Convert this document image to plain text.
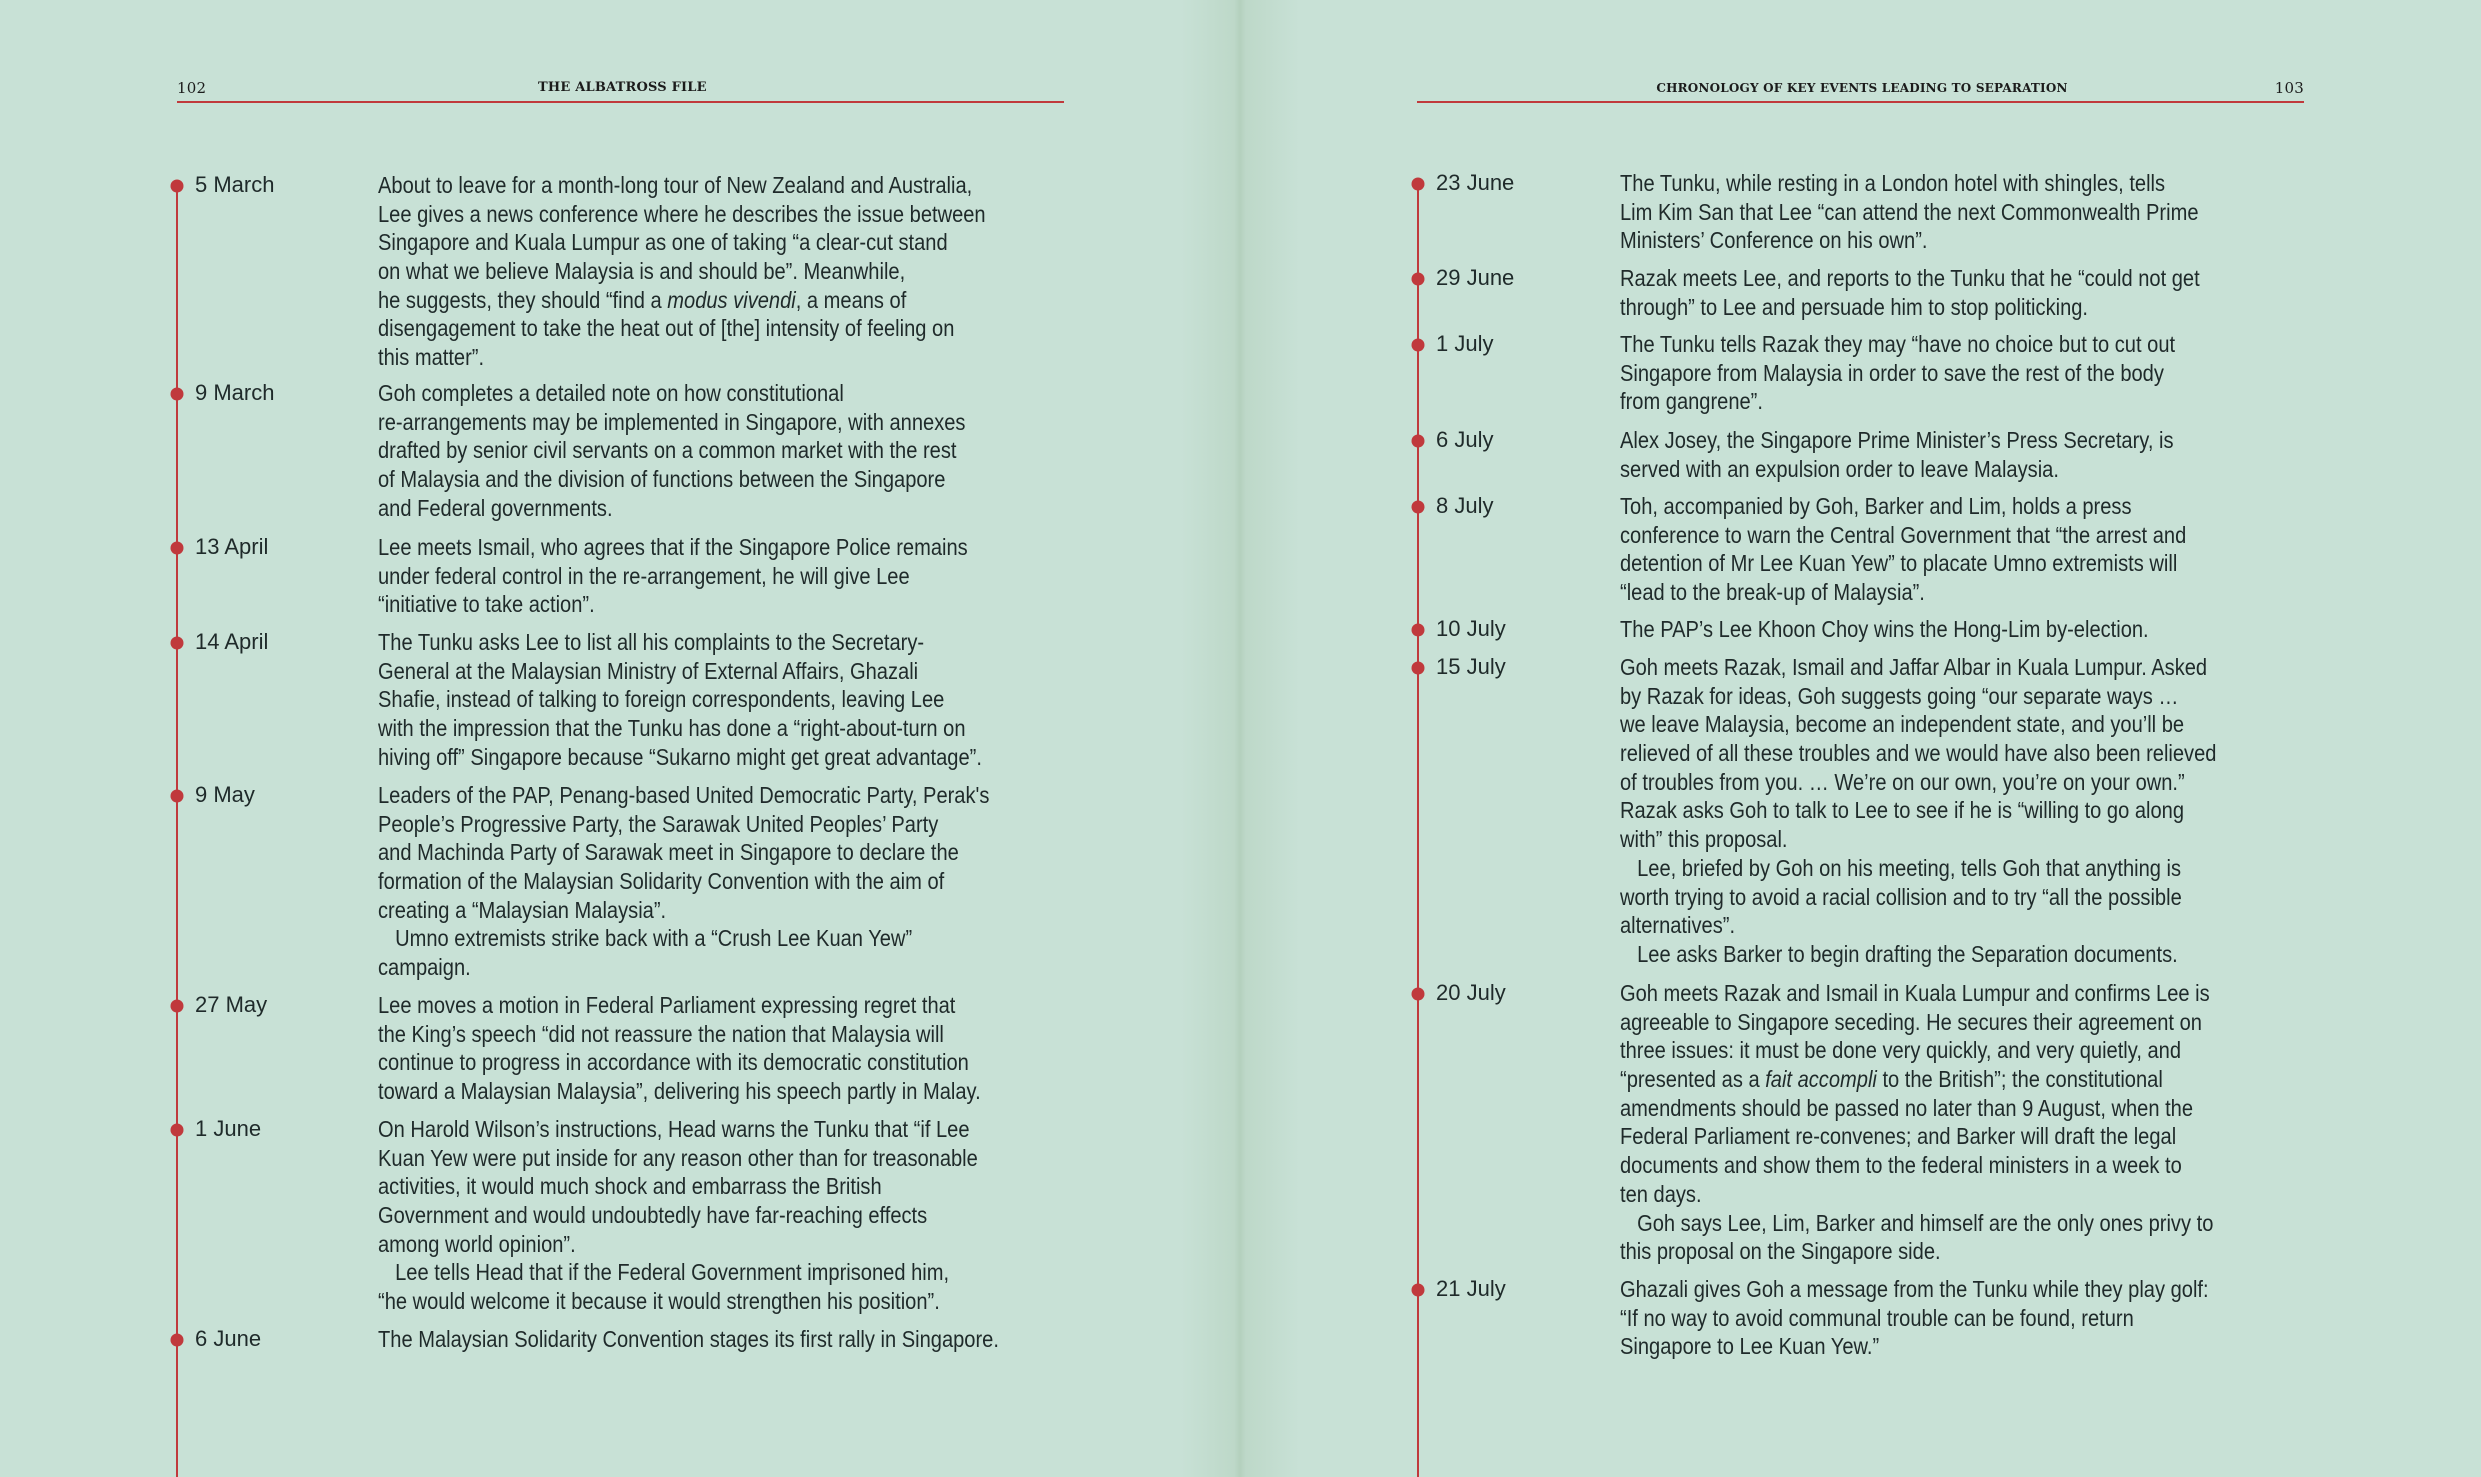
102	THE ALBATROSS FILE
5 March	About to leave for a month-long tour of New Zealand and Australia,
Lee gives a news conference where he describes the issue between
Singapore and Kuala Lumpur as one of taking “a clear-cut stand
on what we believe Malaysia is and should be”. Meanwhile,
he suggests, they should “find a modus vivendi, a means of
disengagement to take the heat out of [the] intensity of feeling on
this matter”.
9 March	Goh completes a detailed note on how constitutional
re-arrangements may be implemented in Singapore, with annexes
drafted by senior civil servants on a common market with the rest
of Malaysia and the division of functions between the Singapore
and Federal governments.
13 April	Lee meets Ismail, who agrees that if the Singapore Police remains
under federal control in the re-arrangement, he will give Lee
“initiative to take action”.
14 April	The Tunku asks Lee to list all his complaints to the Secretary-
General at the Malaysian Ministry of External Affairs, Ghazali
Shafie, instead of talking to foreign correspondents, leaving Lee
with the impression that the Tunku has done a “right-about-turn on
hiving off” Singapore because “Sukarno might get great advantage”.
9 May	Leaders of the PAP, Penang-based United Democratic Party, Perak's
People’s Progressive Party, the Sarawak United Peoples’ Party
and Machinda Party of Sarawak meet in Singapore to declare the
formation of the Malaysian Solidarity Convention with the aim of
creating a “Malaysian Malaysia”.
Umno extremists strike back with a “Crush Lee Kuan Yew”
campaign.
27 May	Lee moves a motion in Federal Parliament expressing regret that
the King’s speech “did not reassure the nation that Malaysia will
continue to progress in accordance with its democratic constitution
toward a Malaysian Malaysia”, delivering his speech partly in Malay.
1 June	On Harold Wilson’s instructions, Head warns the Tunku that “if Lee
Kuan Yew were put inside for any reason other than for treasonable
activities, it would much shock and embarrass the British
Government and would undoubtedly have far-reaching effects
among world opinion”.
Lee tells Head that if the Federal Government imprisoned him,
“he would welcome it because it would strengthen his position”.
6 June	The Malaysian Solidarity Convention stages its first rally in Singapore.
CHRONOLOGY OF KEY EVENTS LEADING TO SEPARATION	103
23 June	The Tunku, while resting in a London hotel with shingles, tells
Lim Kim San that Lee “can attend the next Commonwealth Prime
Ministers’ Conference on his own”.
29 June	Razak meets Lee, and reports to the Tunku that he “could not get
through” to Lee and persuade him to stop politicking.
1 July	The Tunku tells Razak they may “have no choice but to cut out
Singapore from Malaysia in order to save the rest of the body
from gangrene”.
6 July	Alex Josey, the Singapore Prime Minister’s Press Secretary, is
served with an expulsion order to leave Malaysia.
8 July	Toh, accompanied by Goh, Barker and Lim, holds a press
conference to warn the Central Government that “the arrest and
detention of Mr Lee Kuan Yew” to placate Umno extremists will
“lead to the break-up of Malaysia”.
10 July	The PAP’s Lee Khoon Choy wins the Hong-Lim by-election.
15 July	Goh meets Razak, Ismail and Jaffar Albar in Kuala Lumpur. Asked
by Razak for ideas, Goh suggests going “our separate ways …
we leave Malaysia, become an independent state, and you’ll be
relieved of all these troubles and we would have also been relieved
of troubles from you. … We’re on our own, you’re on your own.”
Razak asks Goh to talk to Lee to see if he is “willing to go along
with” this proposal.
Lee, briefed by Goh on his meeting, tells Goh that anything is
worth trying to avoid a racial collision and to try “all the possible
alternatives”.
Lee asks Barker to begin drafting the Separation documents.
20 July	Goh meets Razak and Ismail in Kuala Lumpur and confirms Lee is
agreeable to Singapore seceding. He secures their agreement on
three issues: it must be done very quickly, and very quietly, and
“presented as a fait accompli to the British”; the constitutional
amendments should be passed no later than 9 August, when the
Federal Parliament re-convenes; and Barker will draft the legal
documents and show them to the federal ministers in a week to
ten days.
Goh says Lee, Lim, Barker and himself are the only ones privy to
this proposal on the Singapore side.
21 July	Ghazali gives Goh a message from the Tunku while they play golf:
“If no way to avoid communal trouble can be found, return
Singapore to Lee Kuan Yew.”
